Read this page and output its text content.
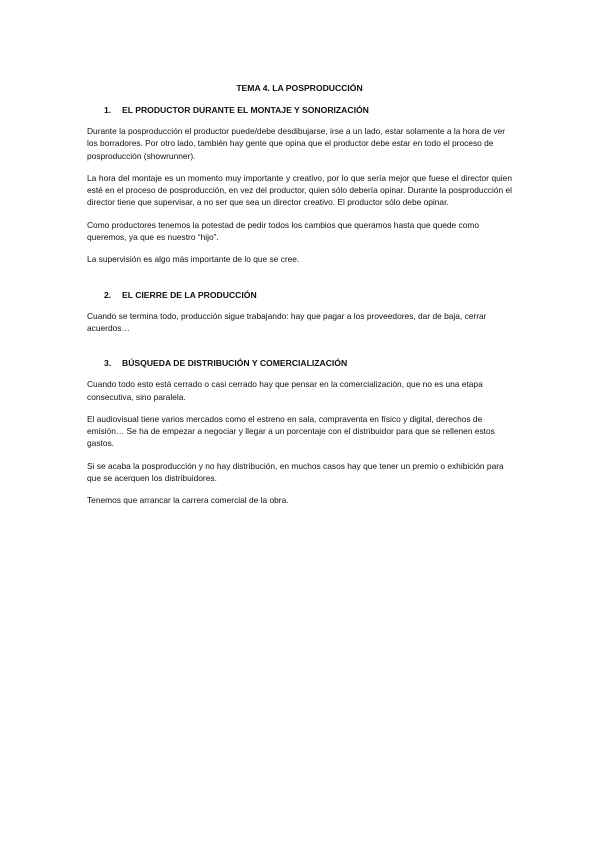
TEMA 4. LA POSPRODUCCIÓN
1.	EL PRODUCTOR DURANTE EL MONTAJE Y SONORIZACIÓN

Durante la posproducción el productor puede/debe desdibujarse, irse a un lado, estar solamente a la hora de ver los borradores. Por otro lado, también hay gente que opina que el productor debe estar en todo el proceso de posproducción (showrunner).

La hora del montaje es un momento muy importante y creativo, por lo que sería mejor que fuese el director quien esté en el proceso de posproducción, en vez del productor, quien sólo debería opinar. Durante la posproducción el director tiene que supervisar, a no ser que sea un director creativo. El productor sólo debe opinar.

Como productores tenemos la potestad de pedir todos los cambios que queramos hasta que quede como queremos, ya que es nuestro “hijo”.

La supervisión es algo más importante de lo que se cree.

2.	EL CIERRE DE LA PRODUCCIÓN

Cuando se termina todo, producción sigue trabajando: hay que pagar a los proveedores, dar de baja, cerrar acuerdos…

3.	BÚSQUEDA DE DISTRIBUCIÓN Y COMERCIALIZACIÓN

Cuando todo esto está cerrado o casi cerrado hay que pensar en la comercialización, que no es una etapa consecutiva, sino paralela.

El audiovisual tiene varios mercados como el estreno en sala, compraventa en físico y digital, derechos de emisión… Se ha de empezar a negociar y llegar a un porcentaje con el distribuidor para que se rellenen estos gastos.

Si se acaba la posproducción y no hay distribución, en muchos casos hay que tener un premio o exhibición para que se acerquen los distribuidores.

Tenemos que arrancar la carrera comercial de la obra.
